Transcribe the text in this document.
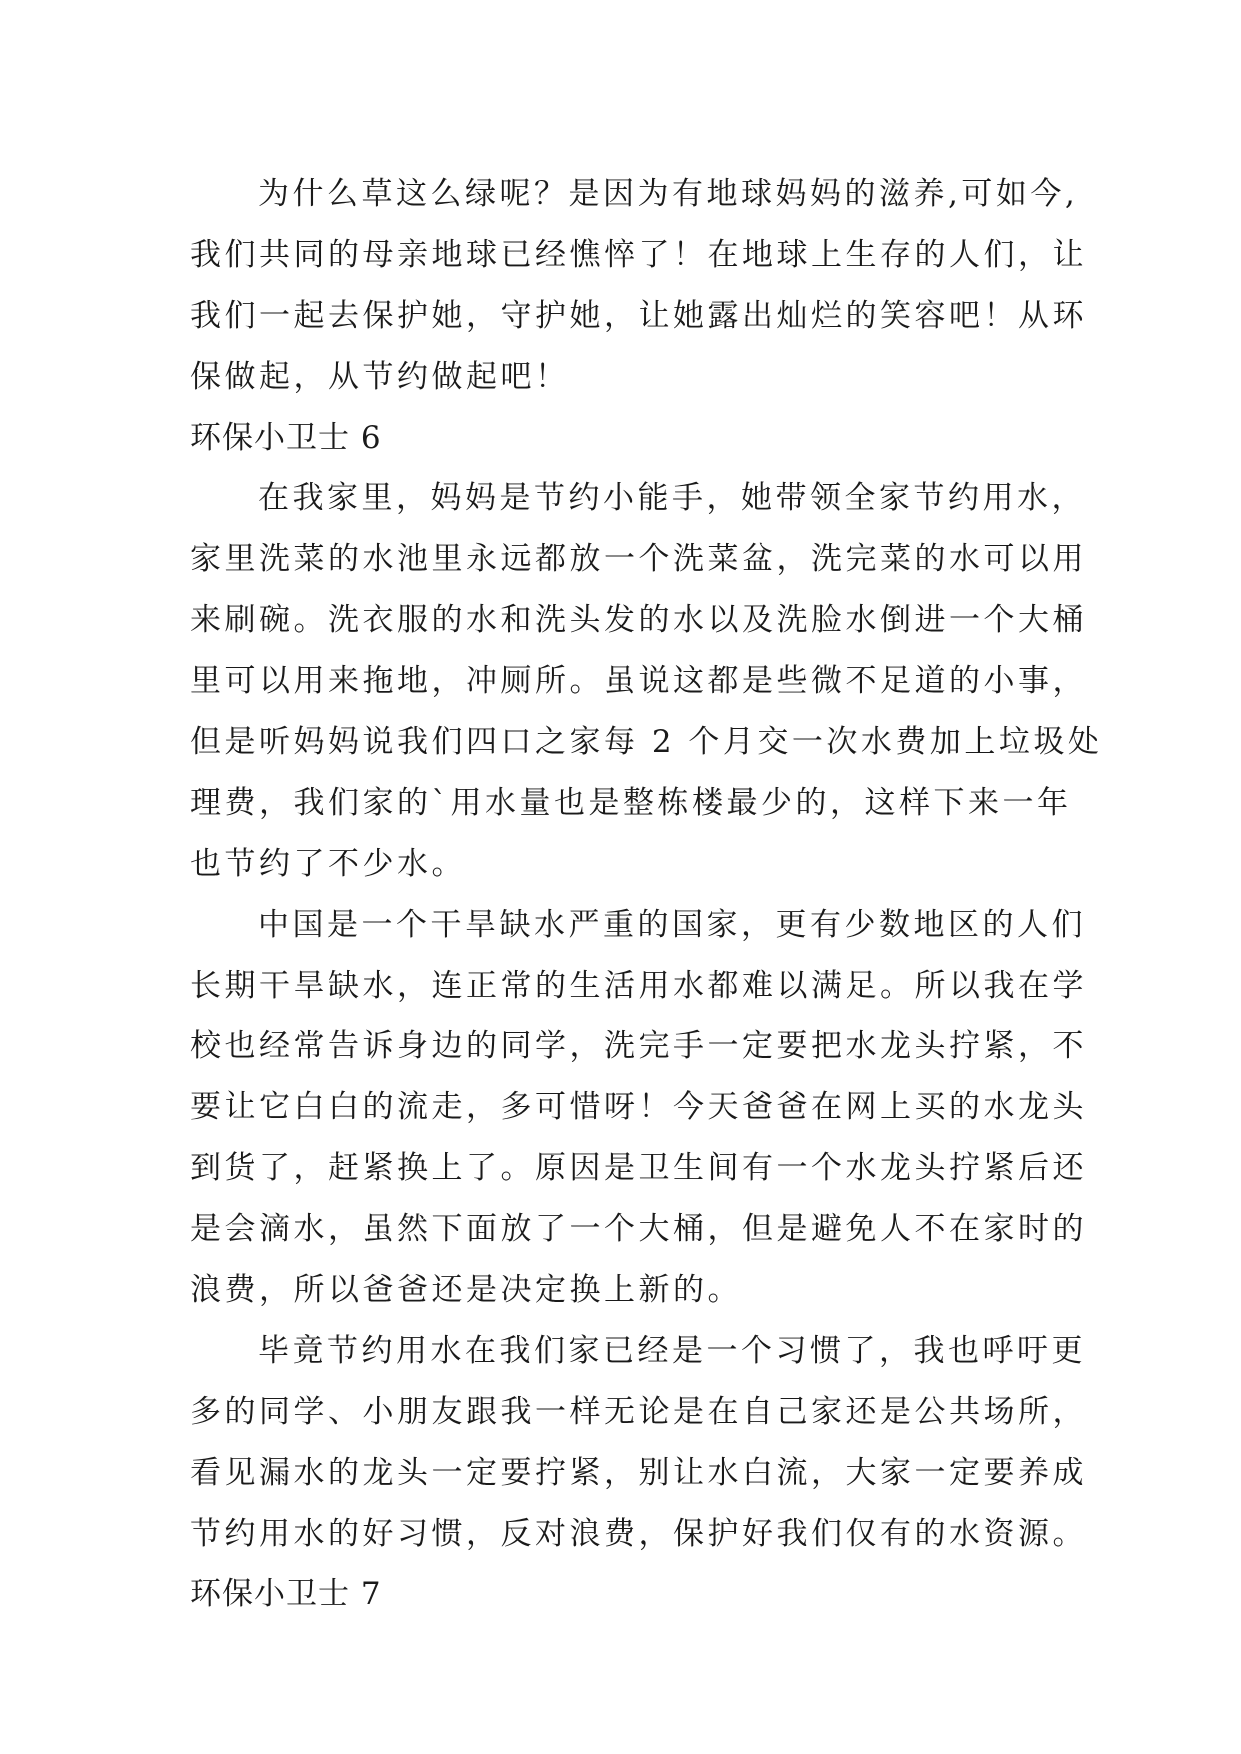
为什么草这么绿呢？是因为有地球妈妈的滋养,可如今,
我们共同的母亲地球已经憔悴了！在地球上生存的人们，让
我们一起去保护她，守护她，让她露出灿烂的笑容吧！从环
保做起，从节约做起吧！
环保小卫士 6
在我家里，妈妈是节约小能手，她带领全家节约用水，
家里洗菜的水池里永远都放一个洗菜盆，洗完菜的水可以用
来刷碗。洗衣服的水和洗头发的水以及洗脸水倒进一个大桶
里可以用来拖地，冲厕所。虽说这都是些微不足道的小事，
但是听妈妈说我们四口之家每 2 个月交一次水费加上垃圾处
理费，我们家的`用水量也是整栋楼最少的，这样下来一年
也节约了不少水。
中国是一个干旱缺水严重的国家，更有少数地区的人们
长期干旱缺水，连正常的生活用水都难以满足。所以我在学
校也经常告诉身边的同学，洗完手一定要把水龙头拧紧，不
要让它白白的流走，多可惜呀！今天爸爸在网上买的水龙头
到货了，赶紧换上了。原因是卫生间有一个水龙头拧紧后还
是会滴水，虽然下面放了一个大桶，但是避免人不在家时的
浪费，所以爸爸还是决定换上新的。
毕竟节约用水在我们家已经是一个习惯了，我也呼吁更
多的同学、小朋友跟我一样无论是在自己家还是公共场所，
看见漏水的龙头一定要拧紧，别让水白流，大家一定要养成
节约用水的好习惯，反对浪费，保护好我们仅有的水资源。
环保小卫士 7
